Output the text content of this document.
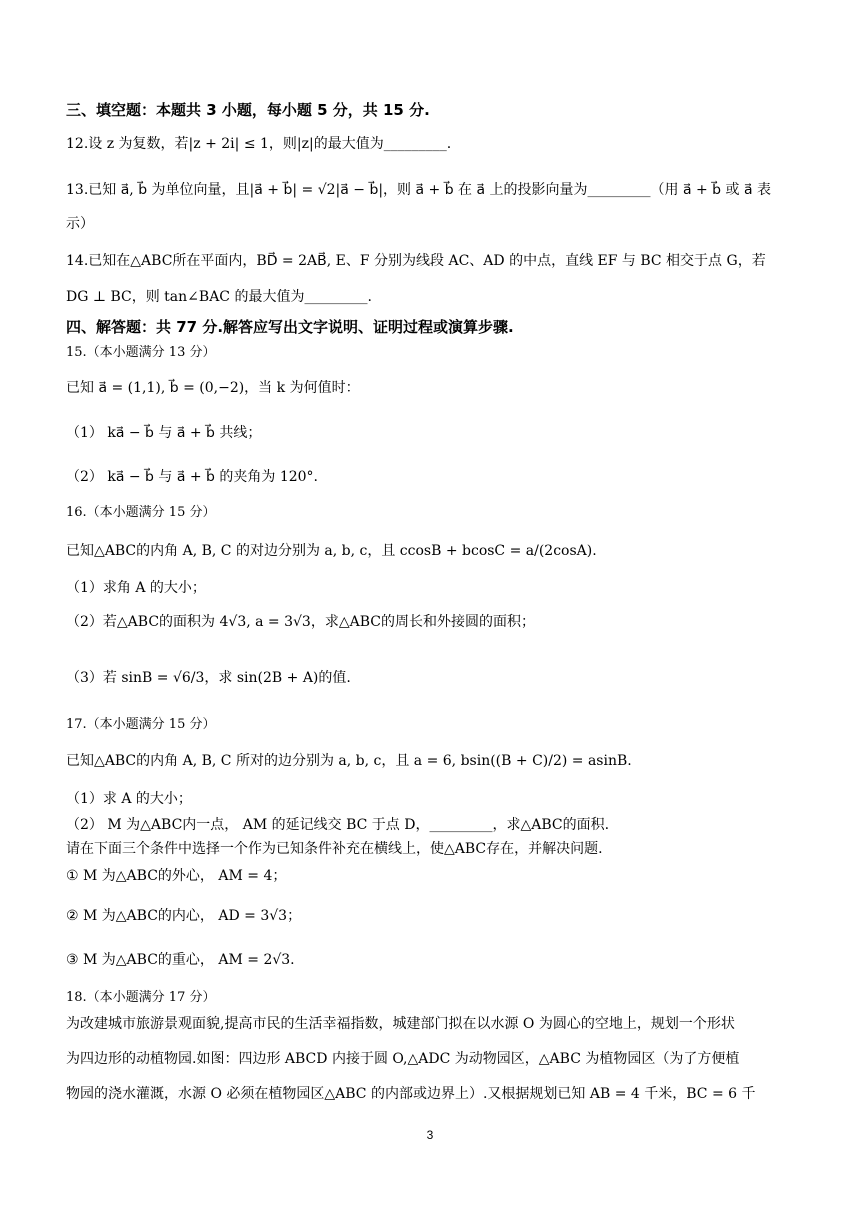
三、填空题：本题共 3 小题，每小题 5 分，共 15 分.
12.设 z 为复数，若|z + 2i| ≤ 1，则|z|的最大值为_________.
13.已知 a⃗, b⃗ 为单位向量，且|a⃗ + b⃗| = √2|a⃗ − b⃗|，则 a⃗ + b⃗ 在 a⃗ 上的投影向量为_________（用 a⃗ + b⃗ 或 a⃗ 表
示）
14.已知在△ABC所在平面内，BD⃗ = 2AB⃗, E、F 分别为线段 AC、AD 的中点，直线 EF 与 BC 相交于点 G，若
DG ⊥ BC，则 tan∠BAC 的最大值为_________.
四、解答题：共 77 分.解答应写出文字说明、证明过程或演算步骤.
15.（本小题满分 13 分）
已知 a⃗ = (1,1), b⃗ = (0,−2)，当 k 为何值时：
（1） ka⃗ − b⃗ 与 a⃗ + b⃗ 共线；
（2） ka⃗ − b⃗ 与 a⃗ + b⃗ 的夹角为 120°.
16.（本小题满分 15 分）
已知△ABC的内角 A, B, C 的对边分别为 a, b, c，且 ccosB + bcosC = a/(2cosA).
（1）求角 A 的大小；
（2）若△ABC的面积为 4√3, a = 3√3，求△ABC的周长和外接圆的面积；
（3）若 sinB = √6/3，求 sin(2B + A)的值.
17.（本小题满分 15 分）
已知△ABC的内角 A, B, C 所对的边分别为 a, b, c，且 a = 6, bsin((B + C)/2) = asinB.
（1）求 A 的大小；
（2） M 为△ABC内一点， AM 的延记线交 BC 于点 D，_________，求△ABC的面积.
请在下面三个条件中选择一个作为已知条件补充在横线上，使△ABC存在，并解决问题.
① M 为△ABC的外心， AM = 4；
② M 为△ABC的内心， AD = 3√3；
③ M 为△ABC的重心， AM = 2√3.
18.（本小题满分 17 分）
为改建城市旅游景观面貌,提高市民的生活幸福指数，城建部门拟在以水源 O 为圆心的空地上，规划一个形状
为四边形的动植物园.如图：四边形 ABCD 内接于圆 O,△ADC 为动物园区，△ABC 为植物园区（为了方便植
物园的浇水灌溉，水源 O 必须在植物园区△ABC 的内部或边界上）.又根据规划已知 AB = 4 千米，BC = 6 千
3
